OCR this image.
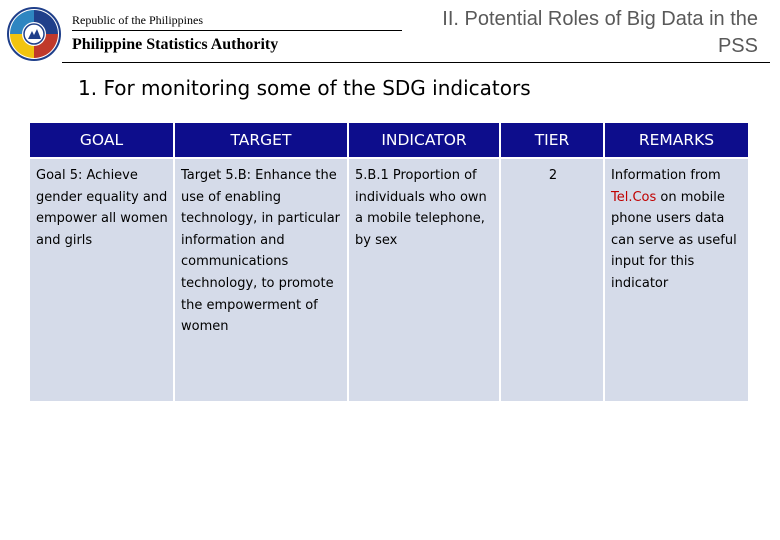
Republic of the Philippines
Philippine Statistics Authority
II. Potential Roles of Big Data in the PSS
1. For monitoring some of the SDG indicators
GOAL	TARGET	INDICATOR	TIER	REMARKS
Goal 5: Achieve gender equality and empower all women and girls	Target 5.B: Enhance the use of enabling technology, in particular information and communications technology, to promote the empowerment of women	5.B.1 Proportion of individuals who own a mobile telephone, by sex	2	Information from Tel.Cos on mobile phone users data can serve as useful input for this indicator
